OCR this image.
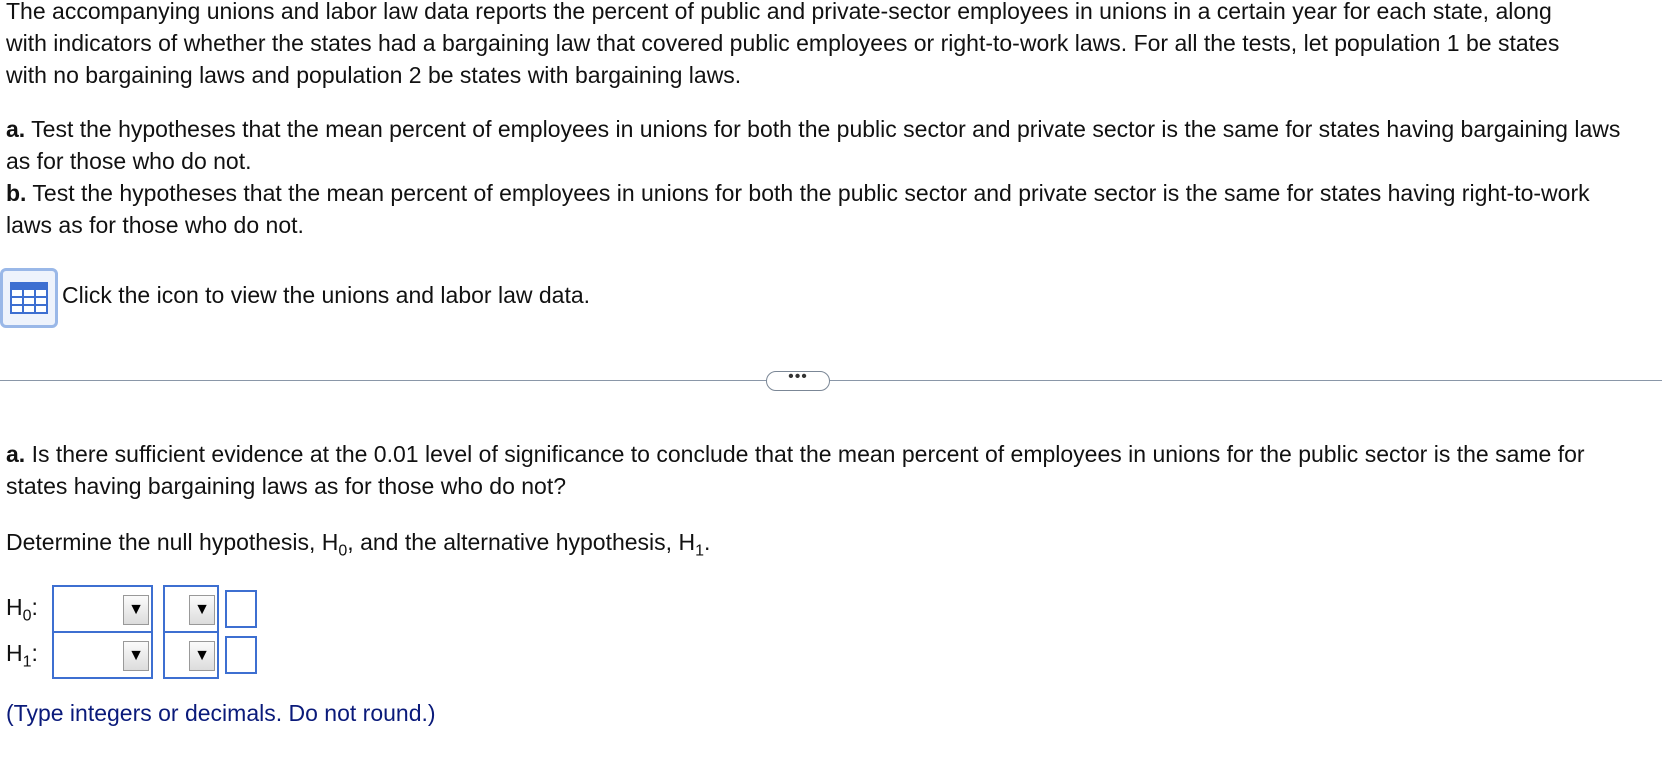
The accompanying unions and labor law data reports the percent of public and private-sector employees in unions in a certain year for each state, along with indicators of whether the states had a bargaining law that covered public employees or right-to-work laws. For all the tests, let population 1 be states with no bargaining laws and population 2 be states with bargaining laws.

a. Test the hypotheses that the mean percent of employees in unions for both the public sector and private sector is the same for states having bargaining laws as for those who do not.

b. Test the hypotheses that the mean percent of employees in unions for both the public sector and private sector is the same for states having right-to-work laws as for those who do not.

Click the icon to view the unions and labor law data.
•••
a. Is there sufficient evidence at the 0.01 level of significance to conclude that the mean percent of employees in unions for the public sector is the same for states having bargaining laws as for those who do not?
Determine the null hypothesis, $H_0$, and the alternative hypothesis, $H_1$.
$H_0$:	▼	▼
$H_1$:	▼	▼
(Type integers or decimals. Do not round.)
